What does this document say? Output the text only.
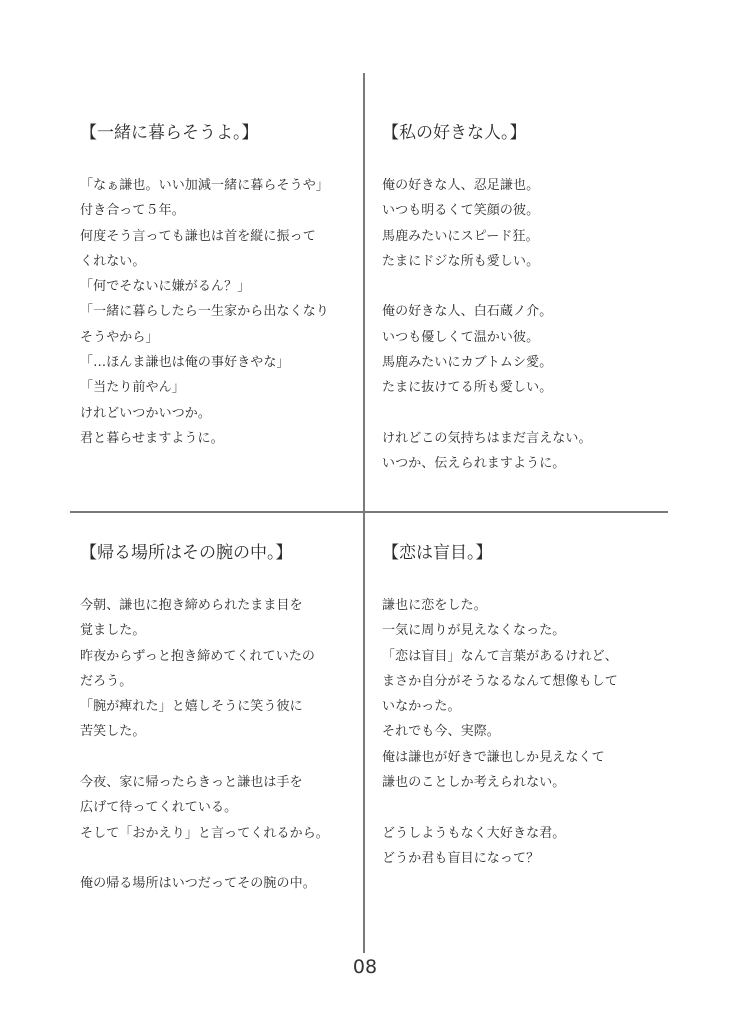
【一緒に暮らそうよ。】
「なぁ謙也。いい加減一緒に暮らそうや」
付き合って５年。
何度そう言っても謙也は首を縦に振って
くれない。
「何でそないに嫌がるん？」
「一緒に暮らしたら一生家から出なくなり
そうやから」
「…ほんま謙也は俺の事好きやな」
「当たり前やん」
けれどいつかいつか。
君と暮らせますように。
【私の好きな人。】
俺の好きな人、忍足謙也。
いつも明るくて笑顔の彼。
馬鹿みたいにスピード狂。
たまにドジな所も愛しい。
俺の好きな人、白石蔵ノ介。
いつも優しくて温かい彼。
馬鹿みたいにカブトムシ愛。
たまに抜けてる所も愛しい。
けれどこの気持ちはまだ言えない。
いつか、伝えられますように。
【帰る場所はその腕の中。】
今朝、謙也に抱き締められたまま目を
覚ました。
昨夜からずっと抱き締めてくれていたの
だろう。
「腕が痺れた」と嬉しそうに笑う彼に
苦笑した。
今夜、家に帰ったらきっと謙也は手を
広げて待ってくれている。
そして「おかえり」と言ってくれるから。
俺の帰る場所はいつだってその腕の中。
【恋は盲目。】
謙也に恋をした。
一気に周りが見えなくなった。
「恋は盲目」なんて言葉があるけれど、
まさか自分がそうなるなんて想像もして
いなかった。
それでも今、実際。
俺は謙也が好きで謙也しか見えなくて
謙也のことしか考えられない。
どうしようもなく大好きな君。
どうか君も盲目になって？
08
